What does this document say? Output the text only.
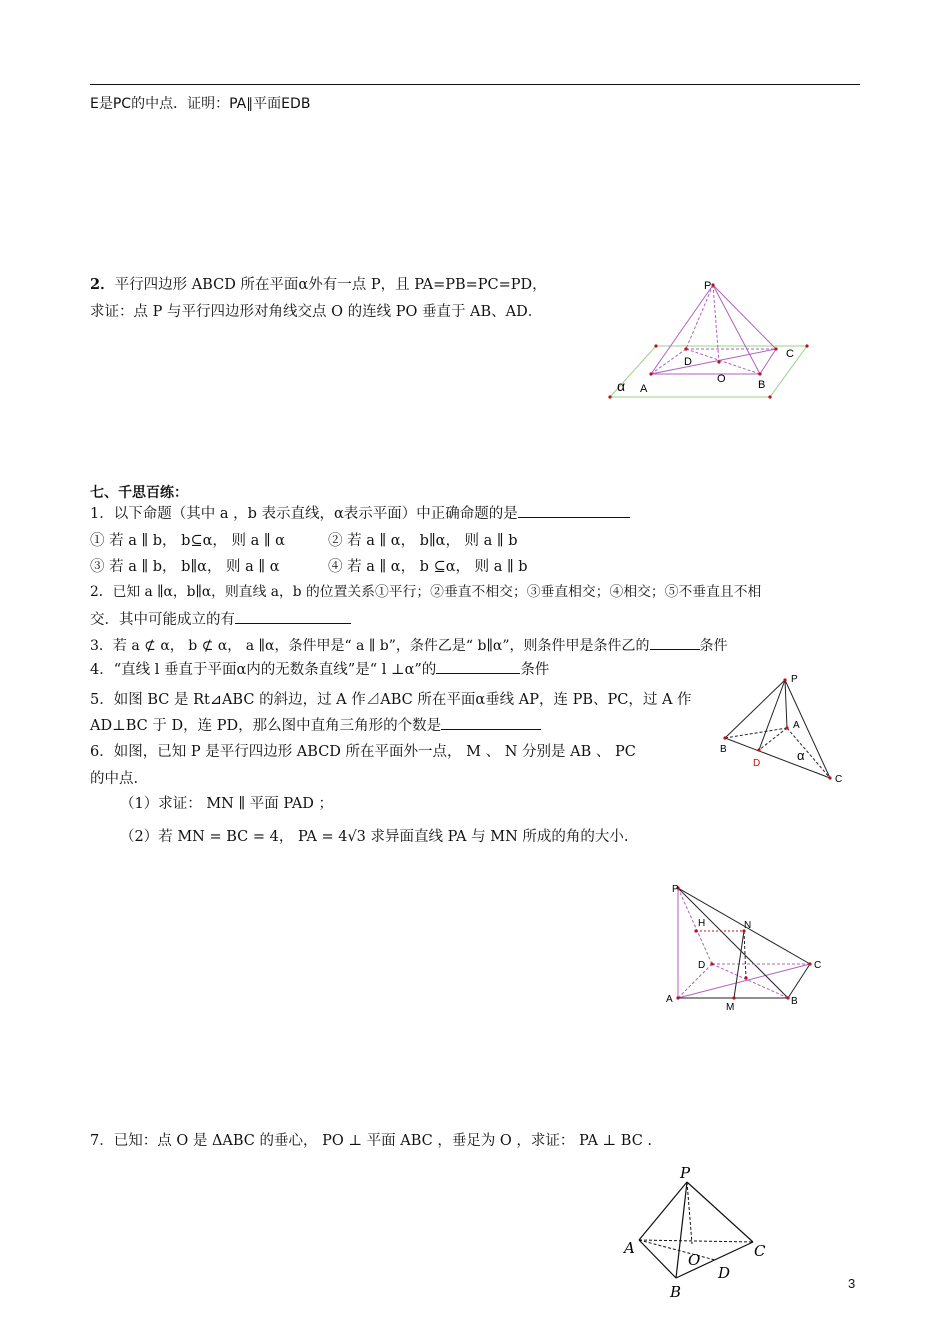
E是PC的中点．证明：PA∥平面EDB
2．平行四边形 ABCD 所在平面α外有一点 P，且 PA=PB=PC=PD，
求证：点 P 与平行四边形对角线交点 O 的连线 PO 垂直于 AB、AD．
P
A	B
C
D
O
α
七、千思百练：
1．以下命题（其中 a ，b 表示直线，α表示平面）中正确命题的是
① 若 a ∥ b， b⊆α， 则 a ∥ α	② 若 a ∥ α， b∥α， 则 a ∥ b
③ 若 a ∥ b， b∥α， 则 a ∥ α	④ 若 a ∥ α， b ⊆α， 则 a ∥ b
2．已知 a ∥α，b∥α，则直线 a，b 的位置关系①平行；②垂直不相交；③垂直相交；④相交；⑤不垂直且不相
交．其中可能成立的有
3．若 a ⊄ α， b ⊄ α， a ∥α，条件甲是“ a ∥ b”，条件乙是“ b∥α”，则条件甲是条件乙的	条件
4．“直线 l 垂直于平面α内的无数条直线”是“ l ⊥α”的	条件
5．如图 BC 是 Rt⊿ABC 的斜边，过 A 作⊿ABC 所在平面α垂线 AP，连 PB、PC，过 A 作
AD⊥BC 于 D，连 PD，那么图中直角三角形的个数是
P
A
B
C
D
α
6．如图，已知 P 是平行四边形 ABCD 所在平面外一点， M 、 N 分别是 AB 、 PC
的中点.
（1）求证： MN ∥ 平面 PAD ；
（2）若 MN = BC = 4， PA = 4√3 求异面直线 PA 与 MN 所成的角的大小.
P
H	N
D	C
A
M
B
7．已知：点 O 是 ΔABC 的垂心， PO ⊥ 平面 ABC ，垂足为 O ，求证： PA ⊥ BC .
P
A
B
C
O
D
3
